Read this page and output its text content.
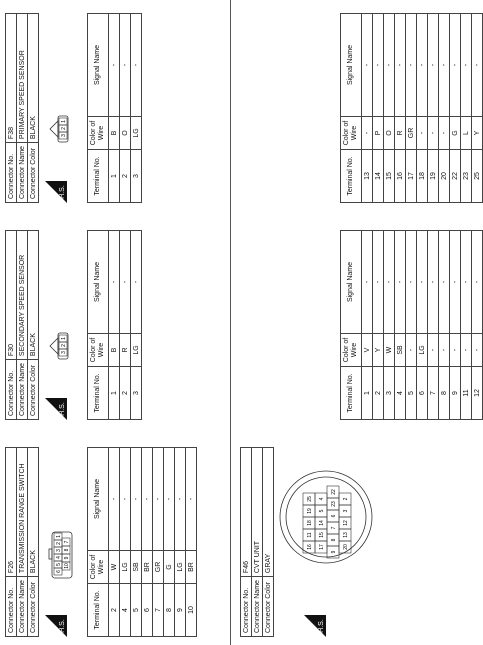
Connector No.	F26
Connector Name	TRANSMISSION RANGE SWITCH
Connector Color	BLACK
H.S.
6
5
4
3
2
1
10
9
8
7
Terminal No.	Color of Wire	Signal Name
2	W	-
4	LG	-
5	SB	-
6	BR	-
7	GR	-
8	G	-
9	LG	-
10	BR	-
Connector No.	F30
Connector Name	SECONDARY SPEED SENSOR
Connector Color	BLACK
H.S.
3
2
1
Terminal No.	Color of Wire	Signal Name
1	B	-
2	R	-
3	LG	-
Connector No.	F38
Connector Name	PRIMARY SPEED SENSOR
Connector Color	BLACK
H.S.
3
2
1
Terminal No.	Color of Wire	Signal Name
1	B	-
2	O	-
3	LG	-
Connector No.	F46
Connector Name	CVT UNIT
Connector Color	GRAY
H.S.
16
11
18
19
25
17
15
14
5
4
9
8
7
6
23
22
20
13
12
3
2
Terminal No.	Color of Wire	Signal Name
1	V	-
2	Y	-
3	W	-
4	SB	-
5	-	-
6	LG	-
7	-	-
8	-	-
9	-	-
11	-	-
12	-	-
Terminal No.	Color of Wire	Signal Name
13	-	-
14	P	-
15	O	-
16	R	-
17	GR	-
18	-	-
19	-	-
20	-	-
22	G	-
23	L	-
25	Y	-
